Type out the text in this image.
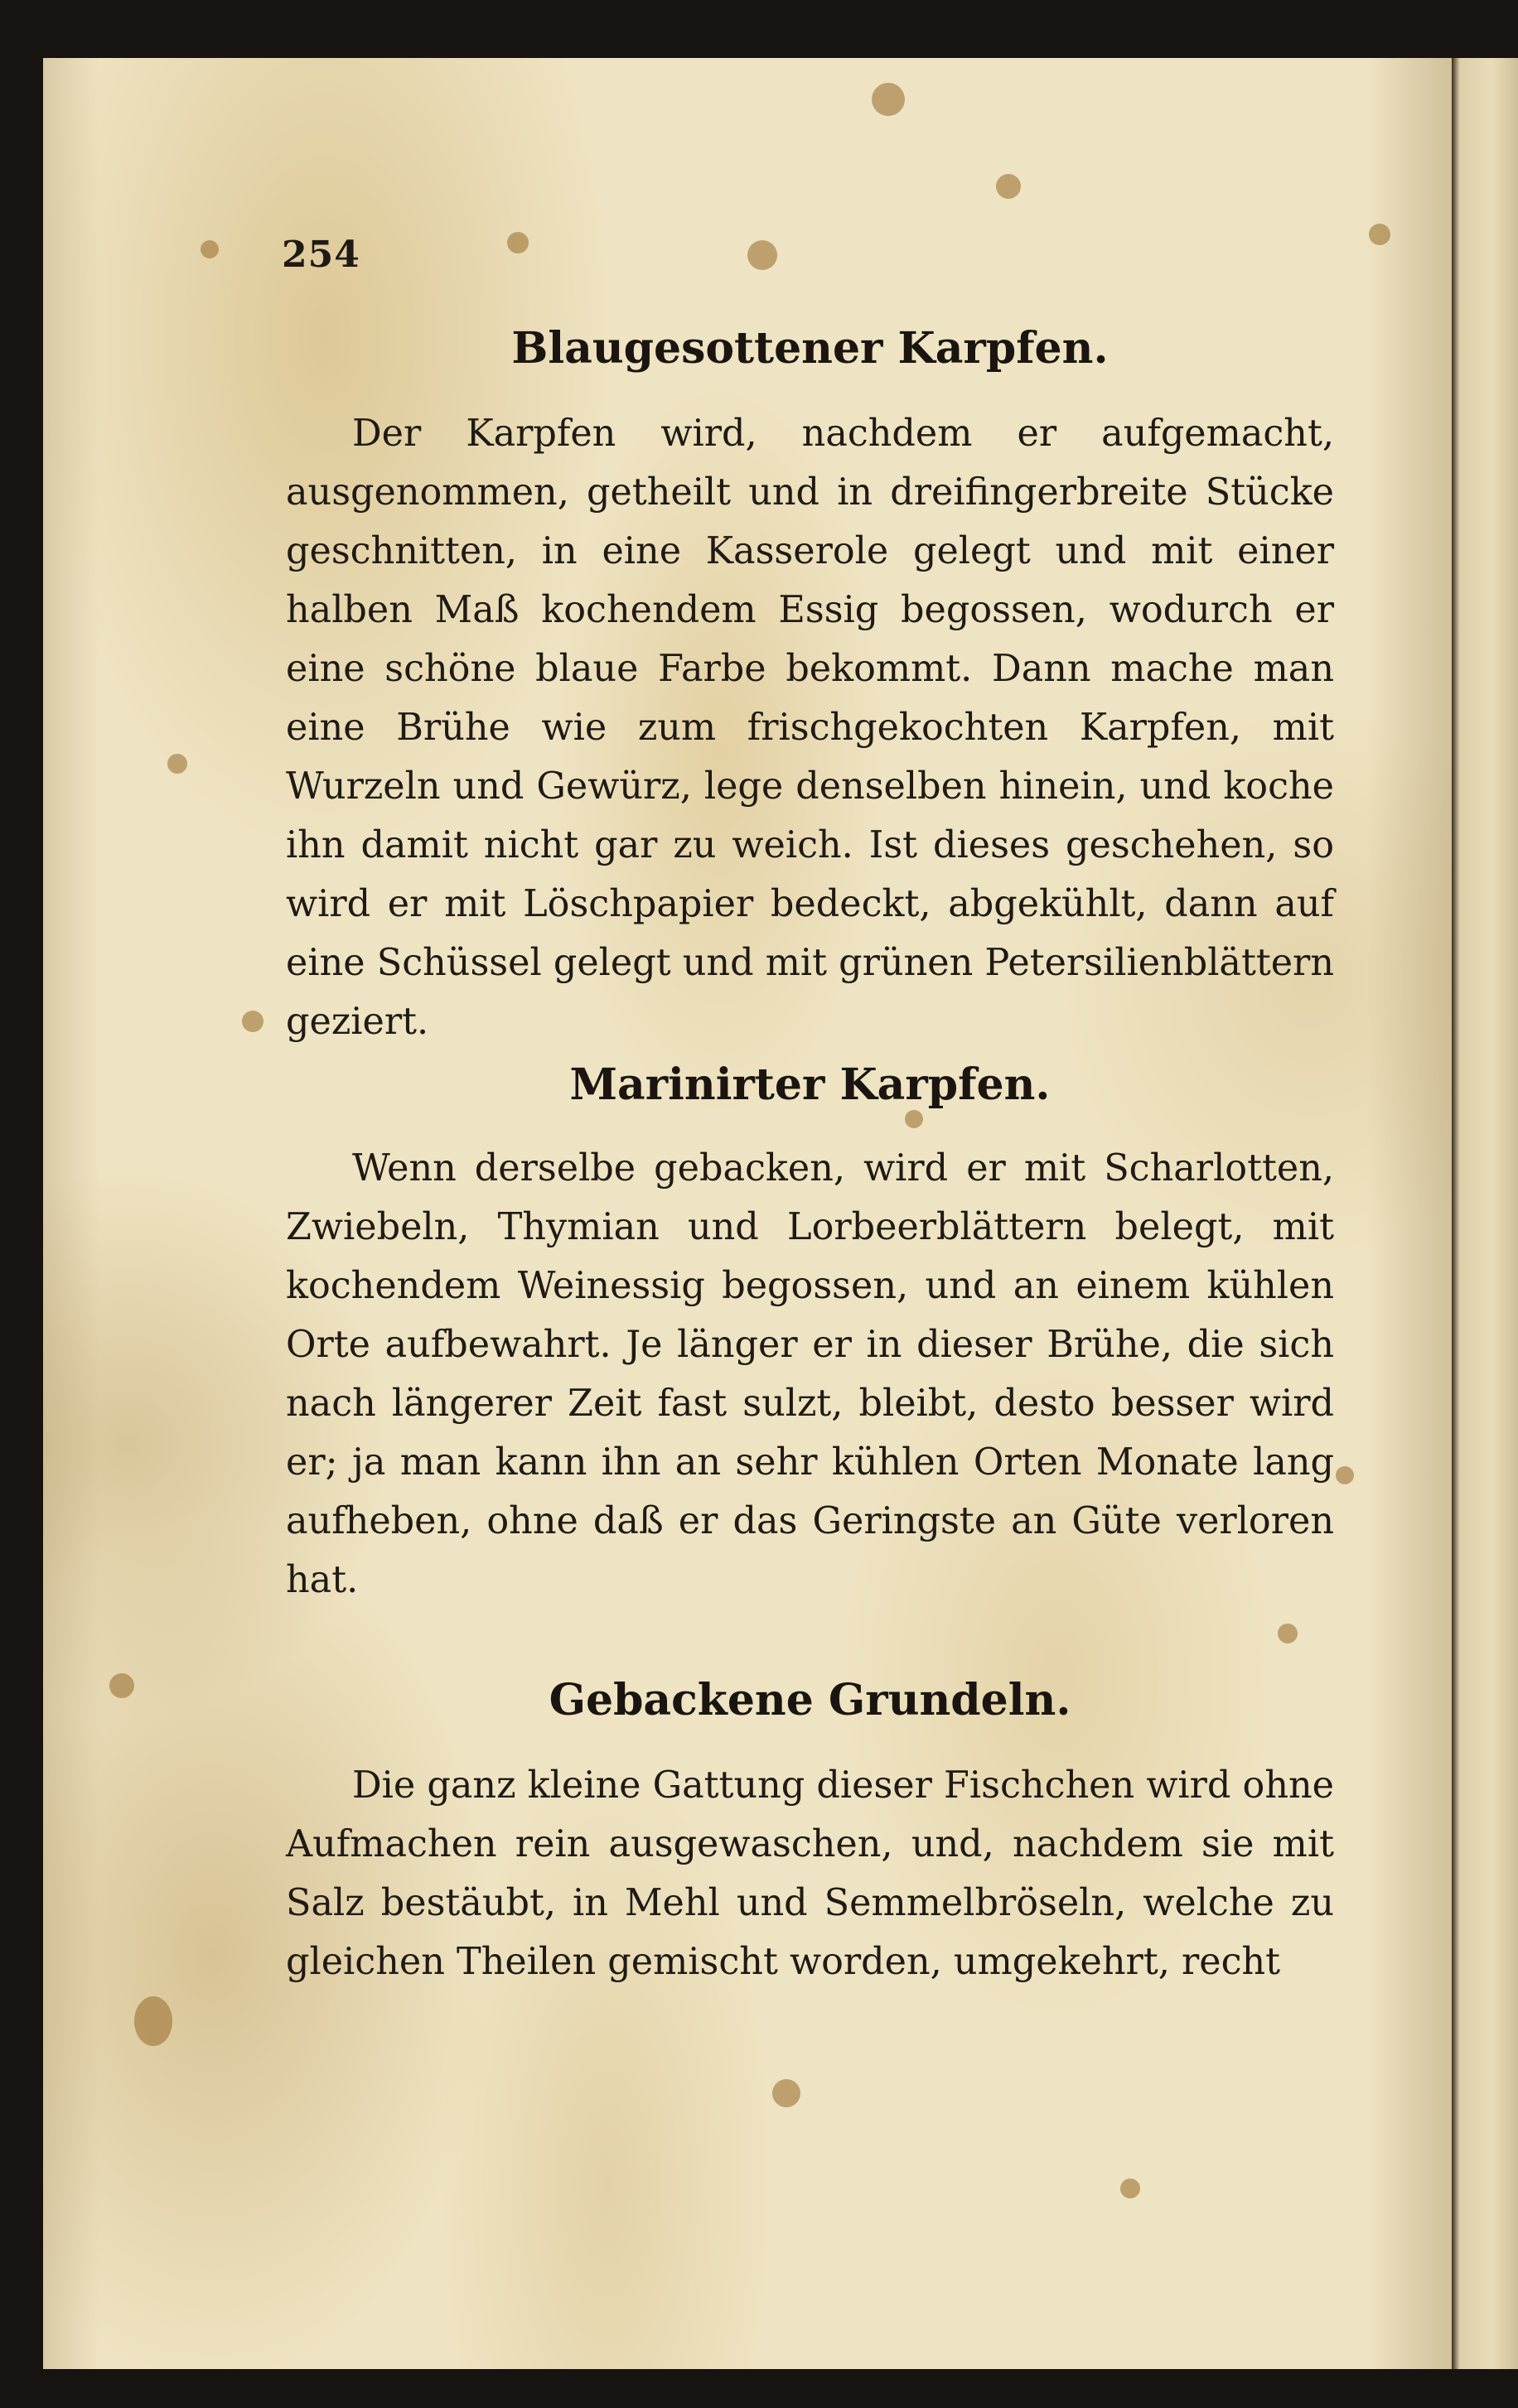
254
Blaugesottener Karpfen.

Der Karpfen wird, nachdem er aufgemacht, ausgenommen, getheilt und in dreifingerbreite Stücke geschnitten, in eine Kasserole gelegt und mit einer halben Maß kochendem Essig begossen, wodurch er eine schöne blaue Farbe bekommt. Dann mache man eine Brühe wie zum frischgekochten Karpfen, mit Wurzeln und Gewürz, lege denselben hinein, und koche ihn damit nicht gar zu weich. Ist dieses geschehen, so wird er mit Löschpapier bedeckt, abgekühlt, dann auf eine Schüssel gelegt und mit grünen Petersilienblättern geziert.

Marinirter Karpfen.

Wenn derselbe gebacken, wird er mit Scharlotten, Zwiebeln, Thymian und Lorbeerblättern belegt, mit kochendem Weinessig begossen, und an einem kühlen Orte aufbewahrt. Je länger er in dieser Brühe, die sich nach längerer Zeit fast sulzt, bleibt, desto besser wird er; ja man kann ihn an sehr kühlen Orten Monate lang aufheben, ohne daß er das Geringste an Güte verloren hat.

Gebackene Grundeln.

Die ganz kleine Gattung dieser Fischchen wird ohne Aufmachen rein ausgewaschen, und, nachdem sie mit Salz bestäubt, in Mehl und Semmelbröseln, welche zu gleichen Theilen gemischt worden, umgekehrt, recht
